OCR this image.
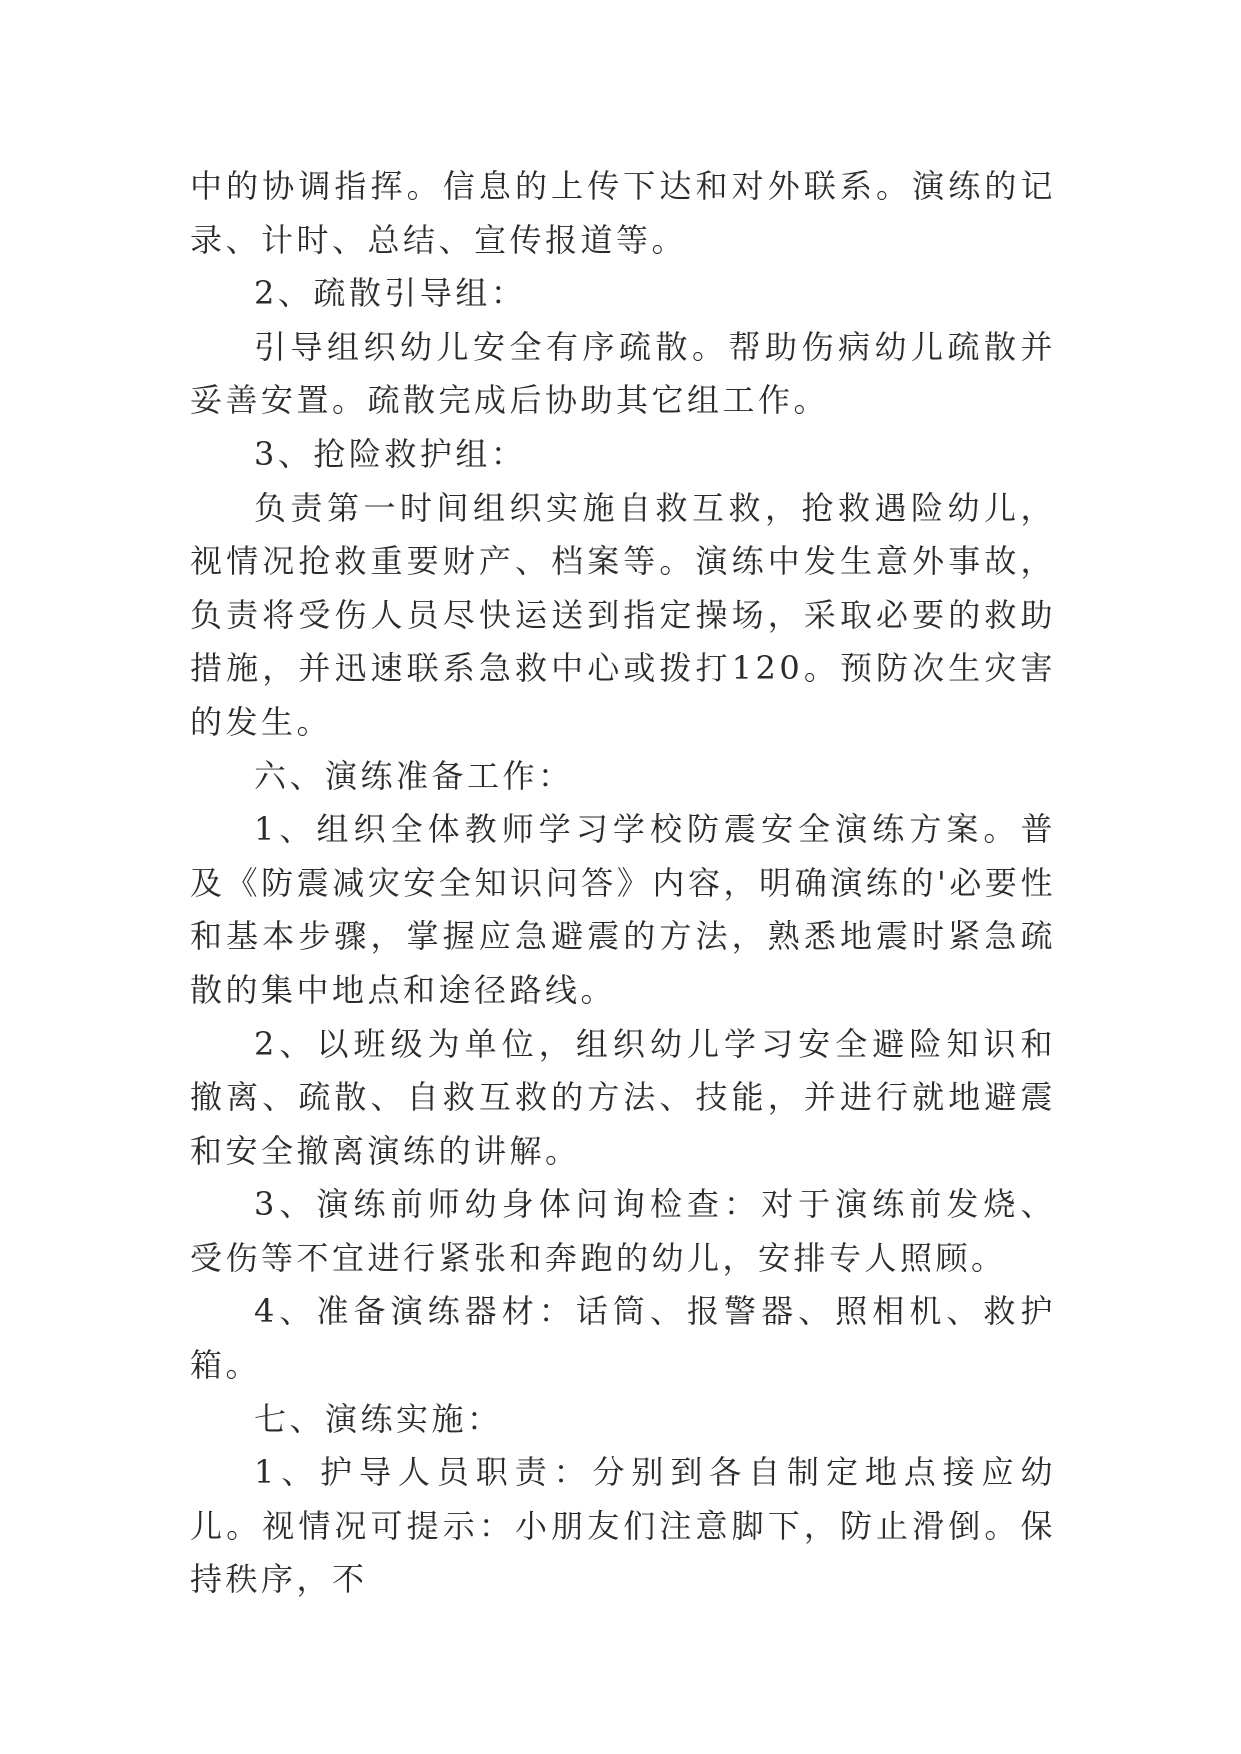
中的协调指挥。信息的上传下达和对外联系。演练的记录、计时、总结、宣传报道等。

2、疏散引导组：

引导组织幼儿安全有序疏散。帮助伤病幼儿疏散并妥善安置。疏散完成后协助其它组工作。

3、抢险救护组：

负责第一时间组织实施自救互救，抢救遇险幼儿，视情况抢救重要财产、档案等。演练中发生意外事故，负责将受伤人员尽快运送到指定操场，采取必要的救助措施，并迅速联系急救中心或拨打120。预防次生灾害的发生。

六、演练准备工作：

1、组织全体教师学习学校防震安全演练方案。普及《防震减灾安全知识问答》内容，明确演练的'必要性和基本步骤，掌握应急避震的方法，熟悉地震时紧急疏散的集中地点和途径路线。

2、以班级为单位，组织幼儿学习安全避险知识和撤离、疏散、自救互救的方法、技能，并进行就地避震和安全撤离演练的讲解。

3、演练前师幼身体问询检查：对于演练前发烧、受伤等不宜进行紧张和奔跑的幼儿，安排专人照顾。

4、准备演练器材：话筒、报警器、照相机、救护箱。

七、演练实施：

1、护导人员职责：分别到各自制定地点接应幼儿。视情况可提示：小朋友们注意脚下，防止滑倒。保持秩序，不
